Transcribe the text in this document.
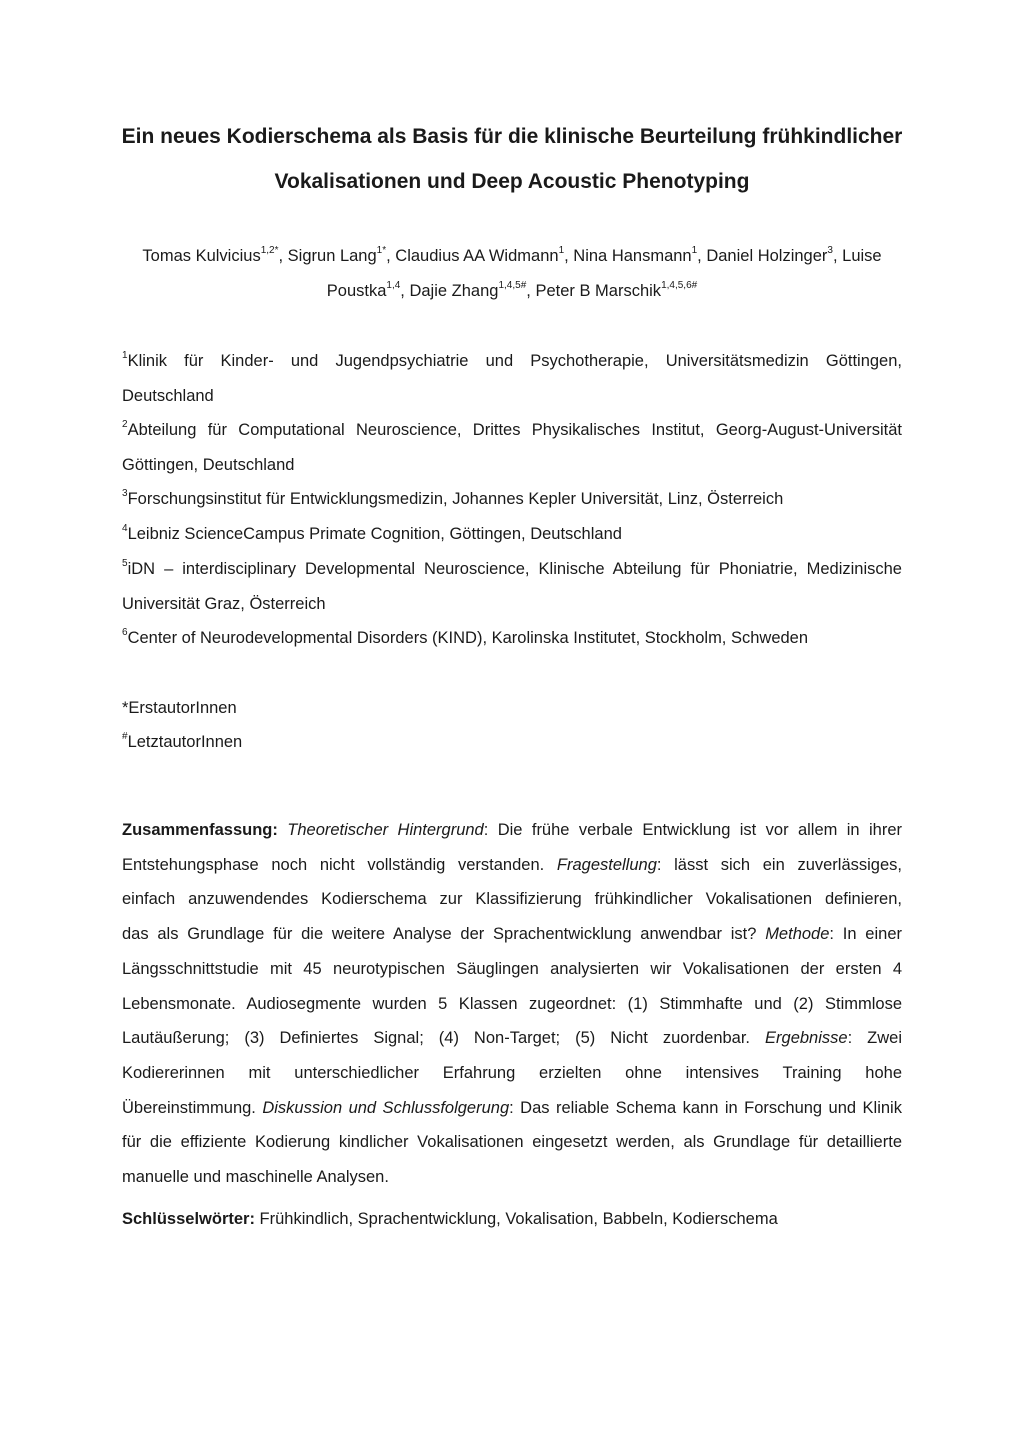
Ein neues Kodierschema als Basis für die klinische Beurteilung frühkindlicher
Vokalisationen und Deep Acoustic Phenotyping
Tomas Kulvicius$^{1,2*}$, Sigrun Lang$^{1*}$, Claudius AA Widmann$^1$, Nina Hansmann$^1$, Daniel Holzinger$^3$, Luise
Poustka$^{1,4}$, Dajie Zhang$^{1,4,5\#}$, Peter B Marschik$^{1,4,5,6\#}$
$^1$Klinik für Kinder- und Jugendpsychiatrie und Psychotherapie, Universitätsmedizin Göttingen,
Deutschland
$^2$Abteilung für Computational Neuroscience, Drittes Physikalisches Institut, Georg-August-Universität
Göttingen, Deutschland
$^3$Forschungsinstitut für Entwicklungsmedizin, Johannes Kepler Universität, Linz, Österreich
$^4$Leibniz ScienceCampus Primate Cognition, Göttingen, Deutschland
$^5$iDN – interdisciplinary Developmental Neuroscience, Klinische Abteilung für Phoniatrie, Medizinische
Universität Graz, Österreich
$^6$Center of Neurodevelopmental Disorders (KIND), Karolinska Institutet, Stockholm, Schweden
*ErstautorInnen
#LetztautorInnen
Zusammenfassung: Theoretischer Hintergrund: Die frühe verbale Entwicklung ist vor allem in ihrer
Entstehungsphase noch nicht vollständig verstanden. Fragestellung: lässt sich ein zuverlässiges,
einfach anzuwendendes Kodierschema zur Klassifizierung frühkindlicher Vokalisationen definieren,
das als Grundlage für die weitere Analyse der Sprachentwicklung anwendbar ist? Methode: In einer
Längsschnittstudie mit 45 neurotypischen Säuglingen analysierten wir Vokalisationen der ersten 4
Lebensmonate. Audiosegmente wurden 5 Klassen zugeordnet: (1) Stimmhafte und (2) Stimmlose
Lautäußerung; (3) Definiertes Signal; (4) Non-Target; (5) Nicht zuordenbar. Ergebnisse: Zwei
Kodiererinnen mit unterschiedlicher Erfahrung erzielten ohne intensives Training hohe
Übereinstimmung. Diskussion und Schlussfolgerung: Das reliable Schema kann in Forschung und Klinik
für die effiziente Kodierung kindlicher Vokalisationen eingesetzt werden, als Grundlage für detaillierte
manuelle und maschinelle Analysen.
Schlüsselwörter: Frühkindlich, Sprachentwicklung, Vokalisation, Babbeln, Kodierschema
